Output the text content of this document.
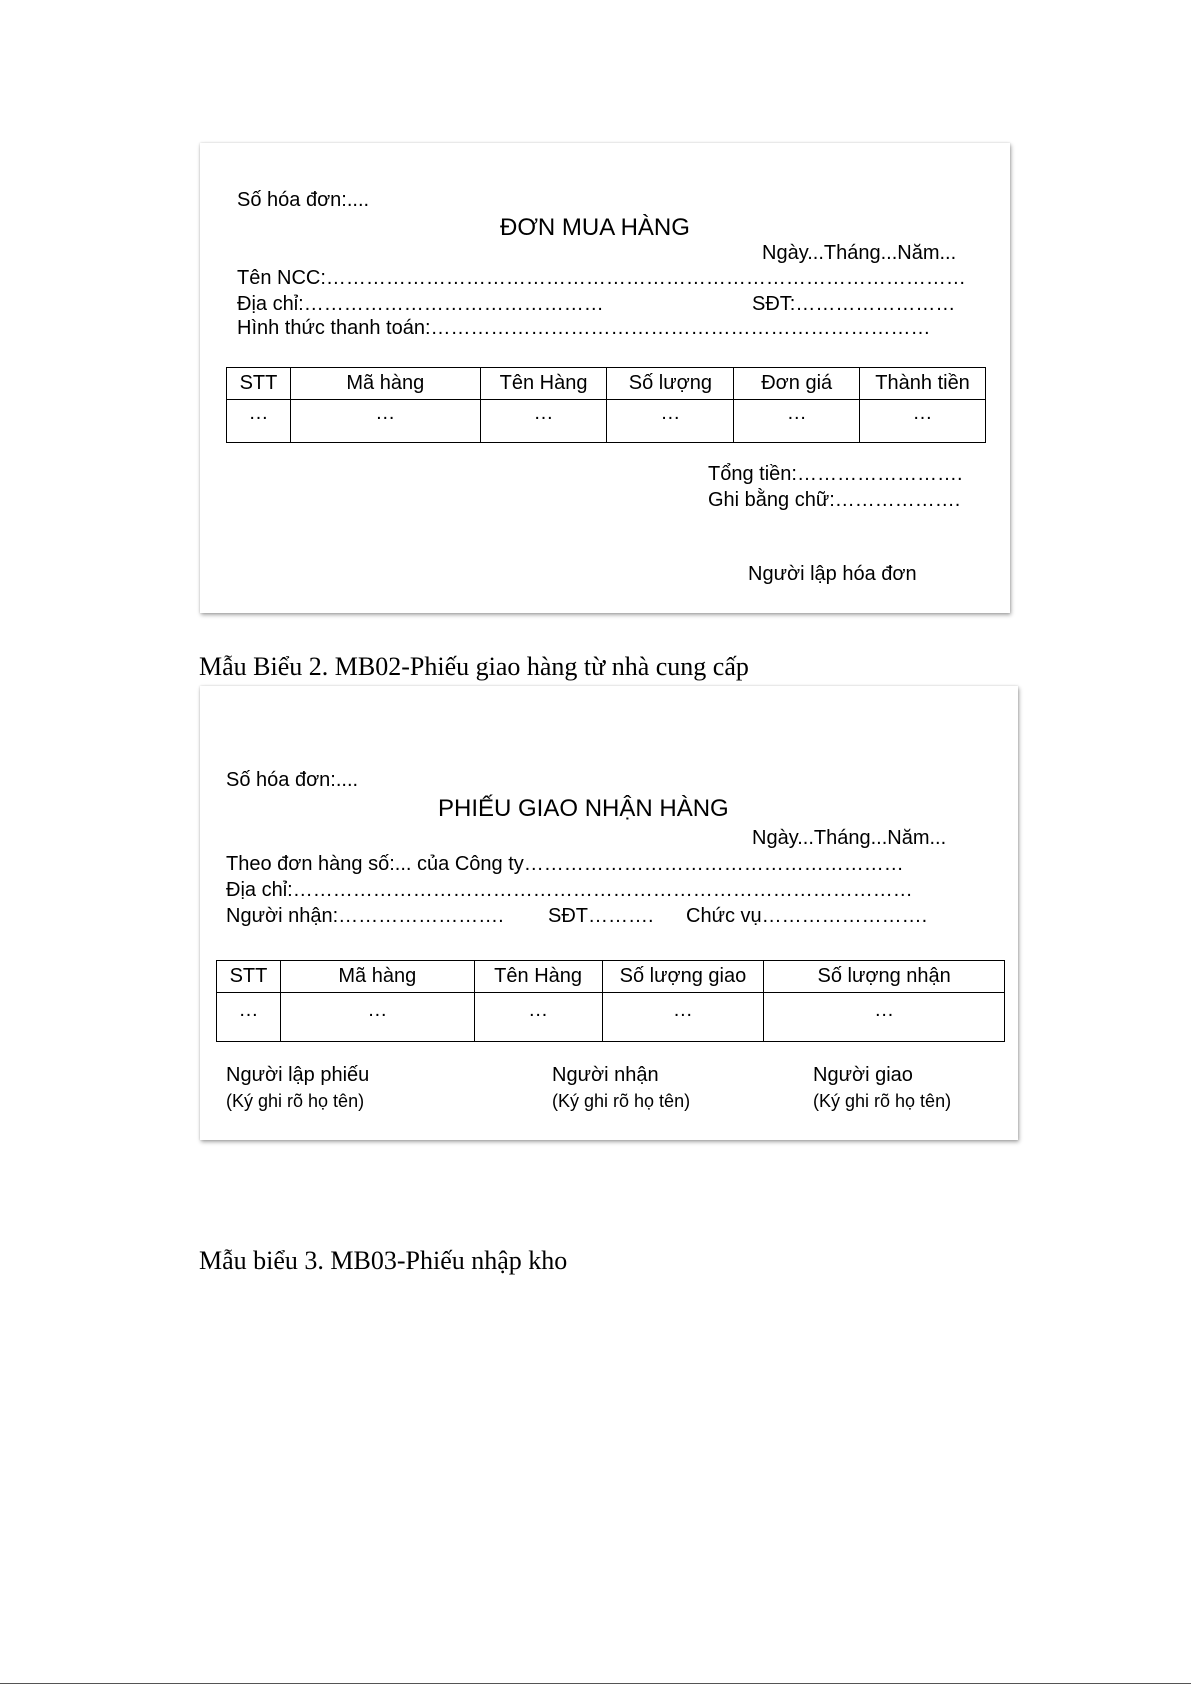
Số hóa đơn:....
ĐƠN MUA HÀNG
Ngày...Tháng...Năm...
Tên NCC:……………………………………………………………………………………
Địa chỉ:………………………………………	SĐT:……………………
Hình thức thanh toán:…………………………………………………………………
STT	Mã hàng	Tên Hàng	Số lượng	Đơn giá	Thành tiền
…	…	…	…	…	…
Tổng tiền:…………………….
Ghi bằng chữ:……………….
Người lập hóa đơn
Mẫu Biểu 2. MB02-Phiếu giao hàng từ nhà cung cấp
Số hóa đơn:....
PHIẾU GIAO NHẬN HÀNG
Ngày...Tháng...Năm...
Theo đơn hàng số:... của Công ty…………………………………………………
Địa chỉ:…………………………………………………………………………………
Người nhận:……………………. SĐT………. Chức vụ…………………….
STT	Mã hàng	Tên Hàng	Số lượng giao	Số lượng nhận
…	…	…	…	…
Người lập phiếu
(Ký ghi rõ họ tên)
Người nhận
(Ký ghi rõ họ tên)
Người giao
(Ký ghi rõ họ tên)
Mẫu biểu 3. MB03-Phiếu nhập kho
